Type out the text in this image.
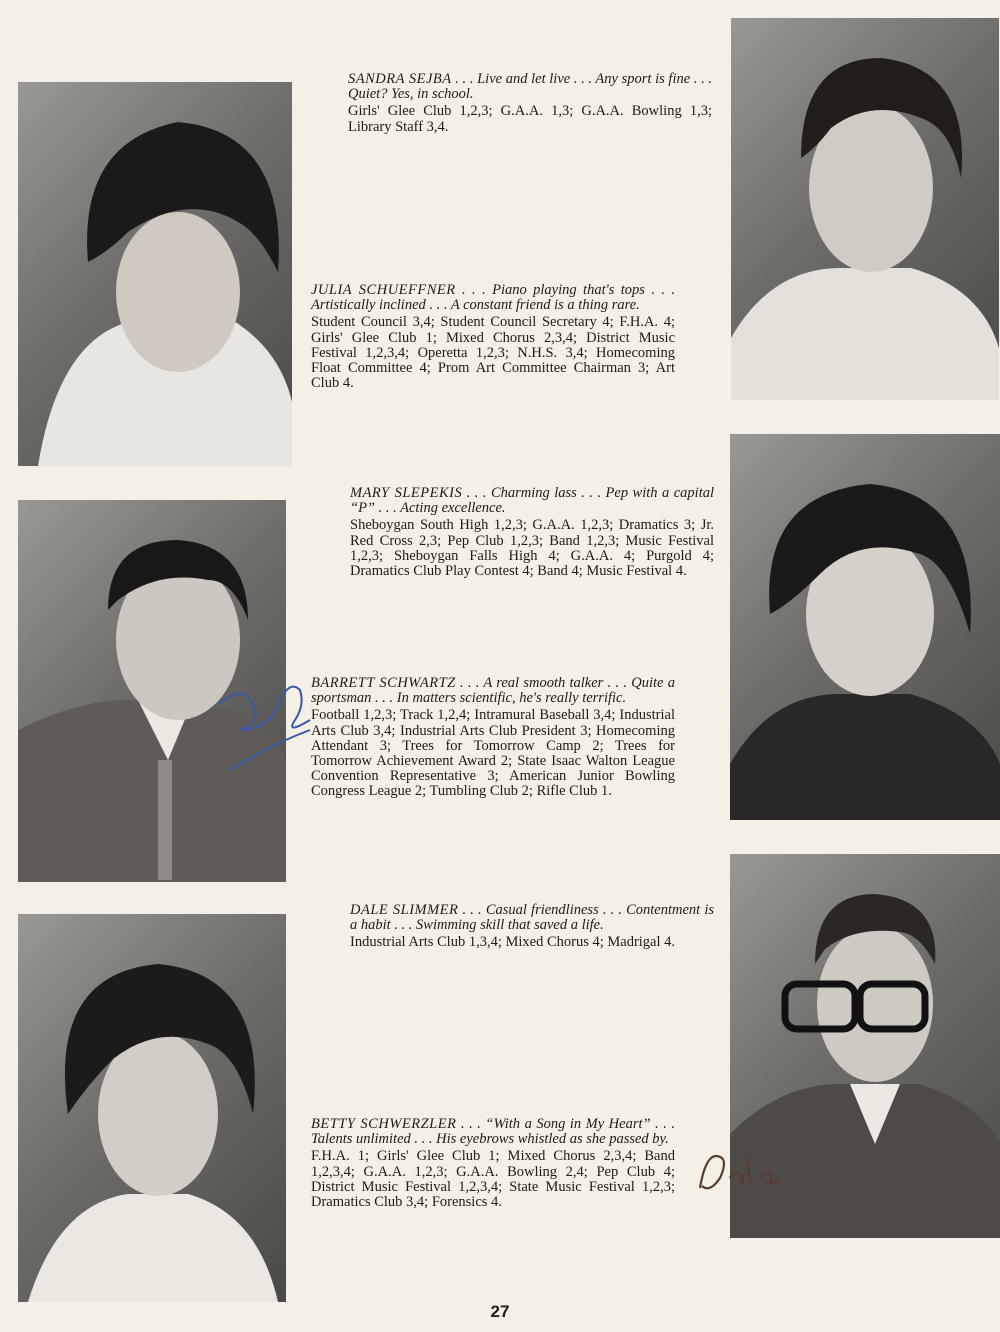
SANDRA SEJBA . . . Live and let live . . . Any sport is fine . . . Quiet? Yes, in school.
Girls' Glee Club 1,2,3; G.A.A. 1,3; G.A.A. Bowling 1,3; Library Staff 3,4.
JULIA SCHUEFFNER . . . Piano playing that's tops . . . Artistically inclined . . . A constant friend is a thing rare.
Student Council 3,4; Student Council Secretary 4; F.H.A. 4; Girls' Glee Club 1; Mixed Chorus 2,3,4; District Music Festival 1,2,3,4; Operetta 1,2,3; N.H.S. 3,4; Homecoming Float Committee 4; Prom Art Committee Chairman 3; Art Club 4.
MARY SLEPEKIS . . . Charming lass . . . Pep with a capital “P” . . . Acting excellence.
Sheboygan South High 1,2,3; G.A.A. 1,2,3; Dramatics 3; Jr. Red Cross 2,3; Pep Club 1,2,3; Band 1,2,3; Music Festival 1,2,3; Sheboygan Falls High 4; G.A.A. 4; Purgold 4; Dramatics Club Play Contest 4; Band 4; Music Festival 4.
BARRETT SCHWARTZ . . . A real smooth talker . . . Quite a sportsman . . . In matters scientific, he's really terrific.
Football 1,2,3; Track 1,2,4; Intramural Baseball 3,4; Industrial Arts Club 3,4; Industrial Arts Club President 3; Homecoming Attendant 3; Trees for Tomorrow Camp 2; Trees for Tomorrow Achievement Award 2; State Isaac Walton League Convention Representative 3; American Junior Bowling Congress League 2; Tumbling Club 2; Rifle Club 1.
DALE SLIMMER . . . Casual friendliness . . . Contentment is a habit . . . Swimming skill that saved a life.
Industrial Arts Club 1,3,4; Mixed Chorus 4; Madrigal 4.
BETTY SCHWERZLER . . . “With a Song in My Heart” . . . Talents unlimited . . . His eyebrows whistled as she passed by.
F.H.A. 1; Girls' Glee Club 1; Mixed Chorus 2,3,4; Band 1,2,3,4; G.A.A. 1,2,3; G.A.A. Bowling 2,4; Pep Club 4; District Music Festival 1,2,3,4; State Music Festival 1,2,3; Dramatics Club 3,4; Forensics 4.
27
